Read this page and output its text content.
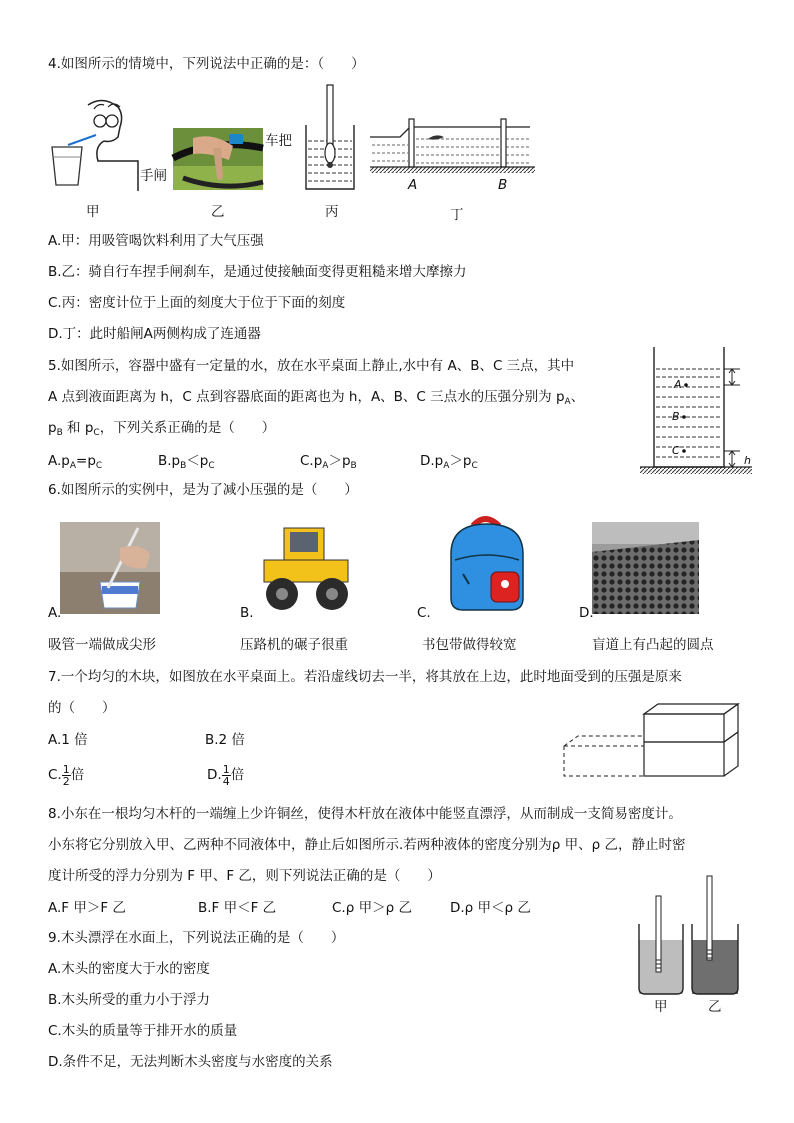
4.如图所示的情境中，下列说法中正确的是：（　　）
手闸
甲
车把
乙	丙
A	B
丁
A.甲：用吸管喝饮料利用了大气压强
B.乙：骑自行车捏手闸刹车，是通过使接触面变得更粗糙来增大摩擦力
C.丙：密度计位于上面的刻度大于位于下面的刻度
D.丁：此时船闸A两侧构成了连通器
5.如图所示，容器中盛有一定量的水，放在水平桌面上静止,水中有 A、B、C 三点，其中
A 点到液面距离为 h，C 点到容器底面的距离也为 h，A、B、C 三点水的压强分别为 $p_A$、
$p_B$ 和 $p_C$，下列关系正确的是（　　）
$A.p_A=p_C$	$B.p_B<p_C$	$C.p_A>p_B$	$D.p_A>p_C$
A
B
C
h
6.如图所示的实例中，是为了减小压强的是（　　）
A.	B.	C.	D.
吸管一端做成尖形	压路机的碾子很重	书包带做得较宽	盲道上有凸起的圆点
7.一个均匀的木块，如图放在水平桌面上。若沿虚线切去一半，将其放在上边，此时地面受到的压强是原来
的（　　）
A.1 倍	B.2 倍
C. $\frac{1}{2}$ 倍	D. $\frac{1}{4}$ 倍
8.小东在一根均匀木杆的一端缠上少许铜丝，使得木杆放在液体中能竖直漂浮，从而制成一支简易密度计。
小东将它分别放入甲、乙两种不同液体中，静止后如图所示.若两种液体的密度分别为ρ 甲、ρ 乙，静止时密
度计所受的浮力分别为 F 甲、F 乙，则下列说法正确的是（　　）
A.F 甲＞F 乙	B.F 甲＜F 乙	C.ρ 甲＞ρ 乙	D.ρ 甲＜ρ 乙
甲	乙
9.木头漂浮在水面上，下列说法正确的是（　　）
A.木头的密度大于水的密度
B.木头所受的重力小于浮力
C.木头的质量等于排开水的质量
D.条件不足，无法判断木头密度与水密度的关系
